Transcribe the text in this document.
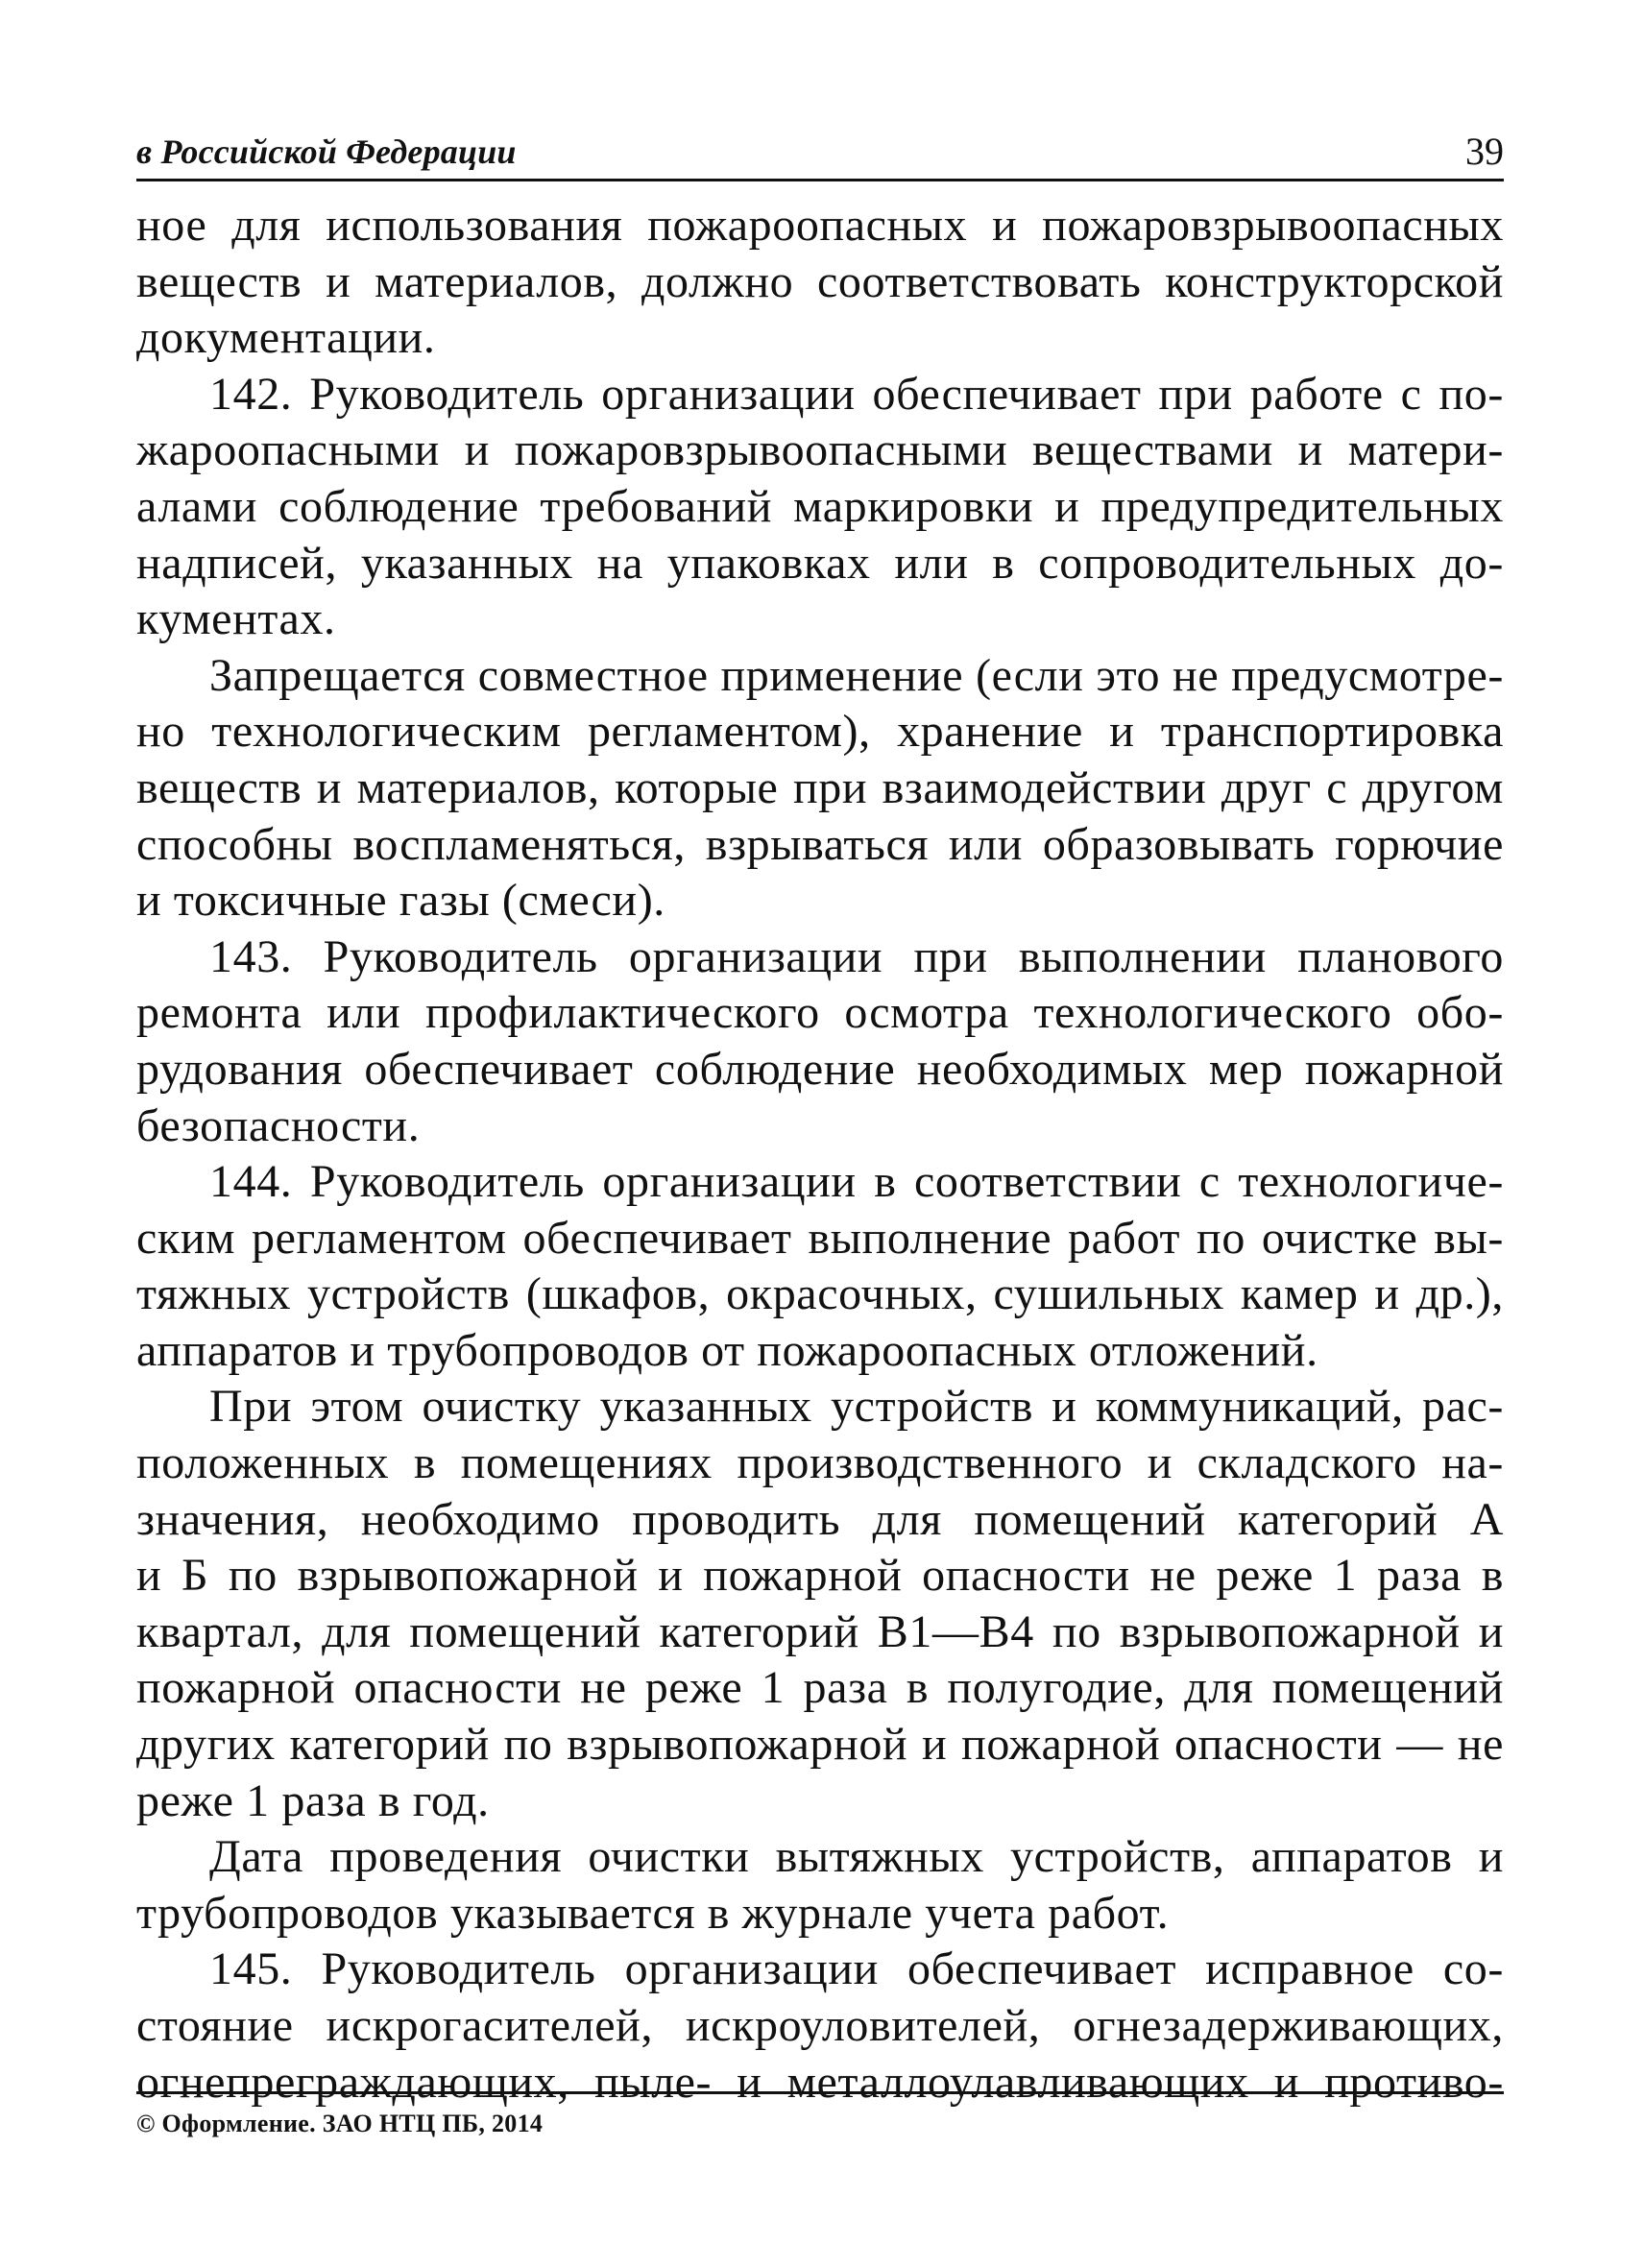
в Российской Федерации	39

ное для использования пожароопасных и пожаровзрывоопасных
веществ и материалов, должно соответствовать конструкторской
документации.

142. Руководитель организации обеспечивает при работе с по-
жароопасными и пожаровзрывоопасными веществами и матери-
алами соблюдение требований маркировки и предупредительных
надписей, указанных на упаковках или в сопроводительных до-
кументах.

Запрещается совместное применение (если это не предусмотре-
но технологическим регламентом), хранение и транспортировка
веществ и материалов, которые при взаимодействии друг с другом
способны воспламеняться, взрываться или образовывать горючие
и токсичные газы (смеси).

143. Руководитель организации при выполнении планового
ремонта или профилактического осмотра технологического обо-
рудования обеспечивает соблюдение необходимых мер пожарной
безопасности.

144. Руководитель организации в соответствии с технологиче-
ским регламентом обеспечивает выполнение работ по очистке вы-
тяжных устройств (шкафов, окрасочных, сушильных камер и др.),
аппаратов и трубопроводов от пожароопасных отложений.

При этом очистку указанных устройств и коммуникаций, рас-
положенных в помещениях производственного и складского на-
значения, необходимо проводить для помещений категорий А
и Б по взрывопожарной и пожарной опасности не реже 1 раза в
квартал, для помещений категорий В1—В4 по взрывопожарной и
пожарной опасности не реже 1 раза в полугодие, для помещений
других категорий по взрывопожарной и пожарной опасности — не
реже 1 раза в год.

Дата проведения очистки вытяжных устройств, аппаратов и
трубопроводов указывается в журнале учета работ.

145. Руководитель организации обеспечивает исправное со-
стояние искрогасителей, искроуловителей, огнезадерживающих,
огнепреграждающих, пыле- и металлоулавливающих и противо-

© Оформление. ЗАО НТЦ ПБ, 2014
